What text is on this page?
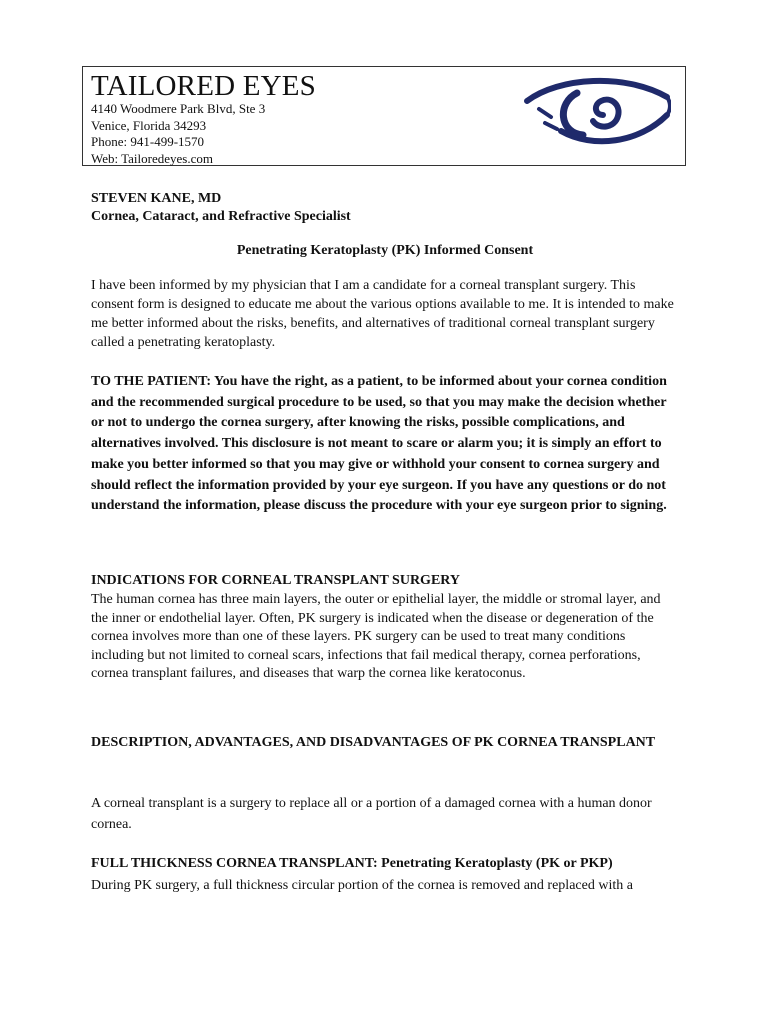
TAILORED EYES
4140 Woodmere Park Blvd, Ste 3
Venice, Florida 34293
Phone: 941-499-1570
Web: Tailoredeyes.com
STEVEN KANE, MD
Cornea, Cataract, and Refractive Specialist
Penetrating Keratoplasty (PK) Informed Consent

I have been informed by my physician that I am a candidate for a corneal transplant surgery. This consent form is designed to educate me about the various options available to me. It is intended to make me better informed about the risks, benefits, and alternatives of traditional corneal transplant surgery called a penetrating keratoplasty.

TO THE PATIENT: You have the right, as a patient, to be informed about your cornea condition and the recommended surgical procedure to be used, so that you may make the decision whether or not to undergo the cornea surgery, after knowing the risks, possible complications, and alternatives involved. This disclosure is not meant to scare or alarm you; it is simply an effort to make you better informed so that you may give or withhold your consent to cornea surgery and should reflect the information provided by your eye surgeon. If you have any questions or do not understand the information, please discuss the procedure with your eye surgeon prior to signing.

INDICATIONS FOR CORNEAL TRANSPLANT SURGERY

The human cornea has three main layers, the outer or epithelial layer, the middle or stromal layer, and the inner or endothelial layer. Often, PK surgery is indicated when the disease or degeneration of the cornea involves more than one of these layers. PK surgery can be used to treat many conditions including but not limited to corneal scars, infections that fail medical therapy, cornea perforations, cornea transplant failures, and diseases that warp the cornea like keratoconus.

DESCRIPTION, ADVANTAGES, AND DISADVANTAGES OF PK CORNEA TRANSPLANT

A corneal transplant is a surgery to replace all or a portion of a damaged cornea with a human donor cornea.

FULL THICKNESS CORNEA TRANSPLANT: Penetrating Keratoplasty (PK or PKP)

During PK surgery, a full thickness circular portion of the cornea is removed and replaced with a
